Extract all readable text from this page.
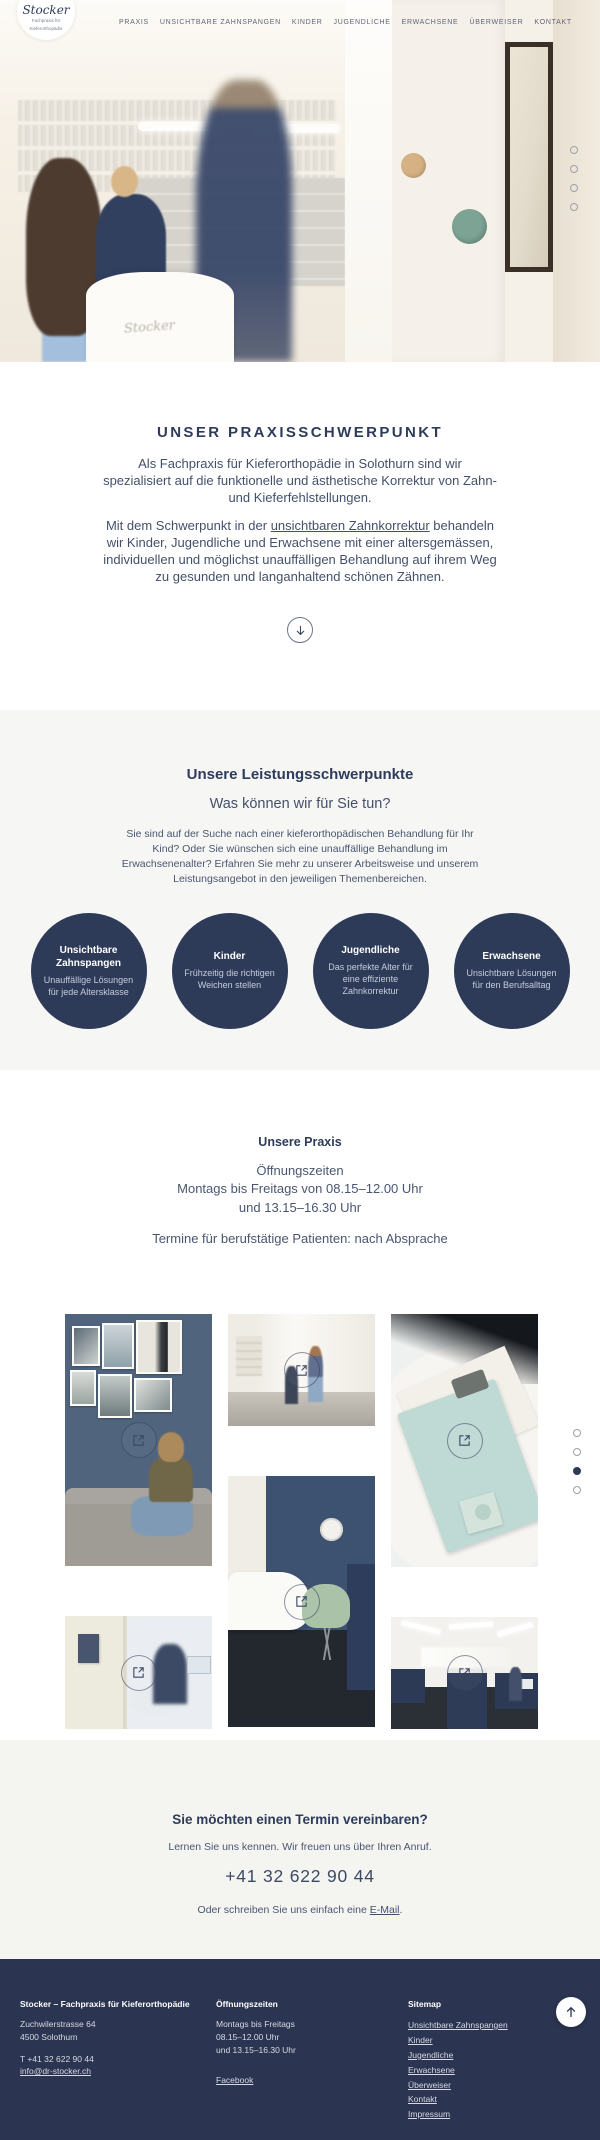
Stocker
Fachpraxis für
Kieferorthopädie
PRAXIS UNSICHTBARE ZAHNSPANGEN KINDER JUGENDLICHE ERWACHSENE ÜBERWEISER KONTAKT
Stocker
UNSER PRAXISSCHWERPUNKT

Als Fachpraxis für Kieferorthopädie in Solothurn sind wir spezialisiert auf die funktionelle und ästhetische Korrektur von Zahn- und Kieferfehlstellungen.

Mit dem Schwerpunkt in der unsichtbaren Zahnkorrektur behandeln wir Kinder, Jugendliche und Erwachsene mit einer altersgemässen, individuellen und möglichst unauffälligen Behandlung auf ihrem Weg zu gesunden und langanhaltend schönen Zähnen.

Unsere Leistungsschwerpunkte
Was können wir für Sie tun?

Sie sind auf der Suche nach einer kieferorthopädischen Behandlung für Ihr Kind? Oder Sie wünschen sich eine unauffällige Behandlung im Erwachsenenalter? Erfahren Sie mehr zu unserer Arbeitsweise und unserem Leistungsangebot in den jeweiligen Themenbereichen.

Unsichtbare Zahnspangen
Unauffällige Lösungen für jede Altersklasse
Kinder
Frühzeitig die richtigen Weichen stellen
Jugendliche
Das perfekte Alter für eine effiziente Zahnkorrektur
Erwachsene
Unsichtbare Lösungen für den Berufsalltag
Unsere Praxis
Öffnungszeiten
Montags bis Freitags von 08.15–12.00 Uhr
und 13.15–16.30 Uhr
Termine für berufstätige Patienten: nach Absprache
Sie möchten einen Termin vereinbaren?
Lernen Sie uns kennen. Wir freuen uns über Ihren Anruf.
+41 32 622 90 44
Oder schreiben Sie uns einfach eine E-Mail.
Stocker – Fachpraxis für Kieferorthopädie
Zuchwilerstrasse 64
4500 Solothurn
T +41 32 622 90 44
info@dr-stocker.ch
Öffnungszeiten
Montags bis Freitags
08.15–12.00 Uhr
und 13.15–16.30 Uhr
Facebook
Sitemap
Unsichtbare Zahnspangen
Kinder
Jugendliche
Erwachsene
Überweiser
Kontakt
Impressum
